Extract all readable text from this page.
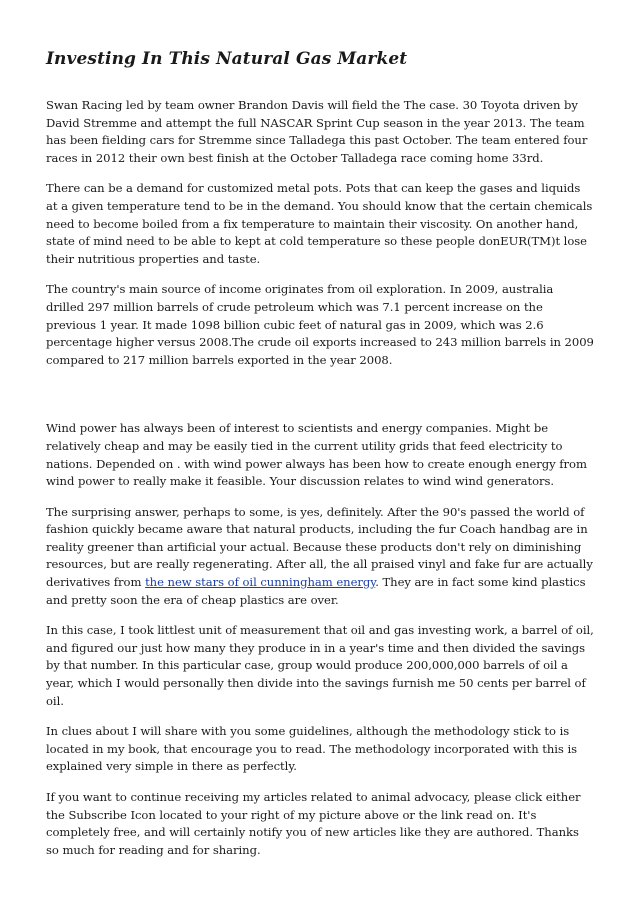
Investing In This Natural Gas Market

Swan Racing led by team owner Brandon Davis will field the The case. 30 Toyota driven by David Stremme and attempt the full NASCAR Sprint Cup season in the year 2013. The team has been fielding cars for Stremme since Talladega this past October. The team entered four races in 2012 their own best finish at the October Talladega race coming home 33rd.

There can be a demand for customized metal pots. Pots that can keep the gases and liquids at a given temperature tend to be in the demand. You should know that the certain chemicals need to become boiled from a fix temperature to maintain their viscosity. On another hand, state of mind need to be able to kept at cold temperature so these people donEUR(TM)t lose their nutritious properties and taste.

The country's main source of income originates from oil exploration. In 2009, australia drilled 297 million barrels of crude petroleum which was 7.1 percent increase on the previous 1 year. It made 1098 billion cubic feet of natural gas in 2009, which was 2.6 percentage higher versus 2008.The crude oil exports increased to 243 million barrels in 2009 compared to 217 million barrels exported in the year 2008.

Wind power has always been of interest to scientists and energy companies. Might be relatively cheap and may be easily tied in the current utility grids that feed electricity to nations. Depended on . with wind power always has been how to create enough energy from wind power to really make it feasible. Your discussion relates to wind wind generators.

The surprising answer, perhaps to some, is yes, definitely. After the 90's passed the world of fashion quickly became aware that natural products, including the fur Coach handbag are in reality greener than artificial your actual. Because these products don't rely on diminishing resources, but are really regenerating. After all, the all praised vinyl and fake fur are actually derivatives from the new stars of oil cunningham energy. They are in fact some kind plastics and pretty soon the era of cheap plastics are over.

In this case, I took littlest unit of measurement that oil and gas investing work, a barrel of oil, and figured our just how many they produce in in a year's time and then divided the savings by that number. In this particular case, group would produce 200,000,000 barrels of oil a year, which I would personally then divide into the savings furnish me 50 cents per barrel of oil.

In clues about I will share with you some guidelines, although the methodology stick to is located in my book, that encourage you to read. The methodology incorporated with this is explained very simple in there as perfectly.

If you want to continue receiving my articles related to animal advocacy, please click either the Subscribe Icon located to your right of my picture above or the link read on. It's completely free, and will certainly notify you of new articles like they are authored. Thanks so much for reading and for sharing.
